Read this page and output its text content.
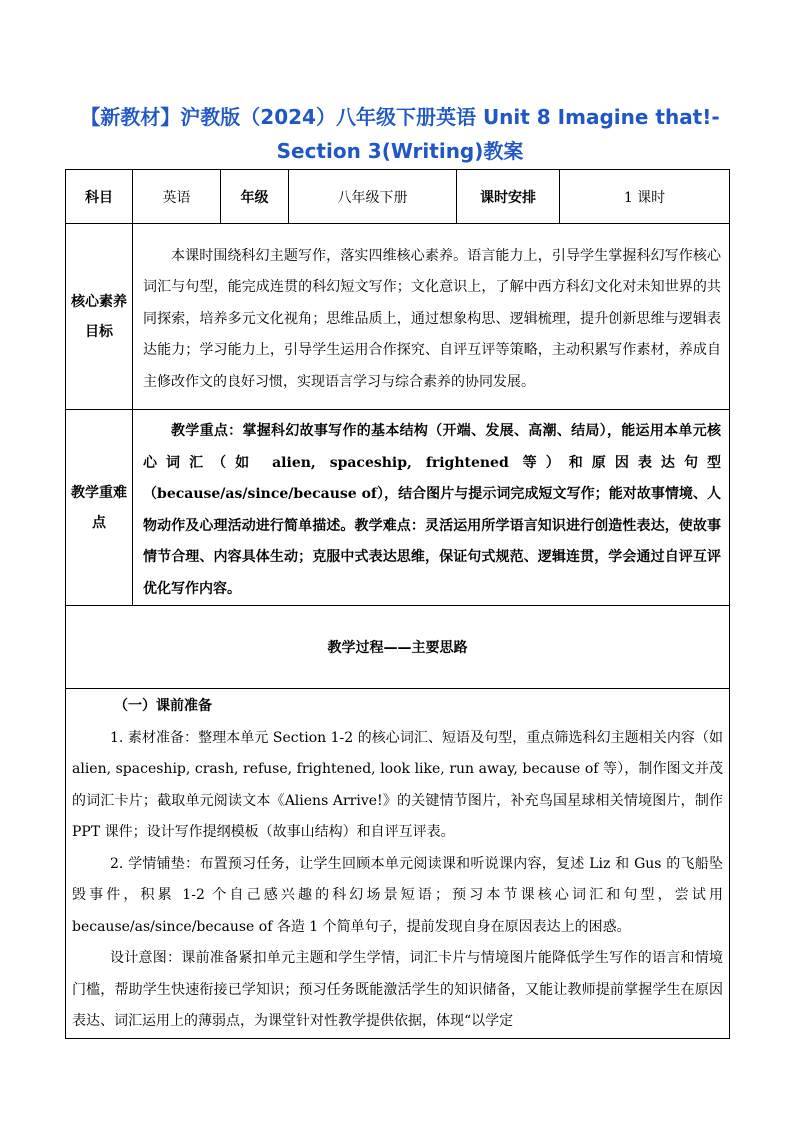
【新教材】沪教版（2024）八年级下册英语 Unit 8 Imagine that!-Section 3(Writing)教案
科目	英语	年级	八年级下册	课时安排	1 课时
核心素养目标	本课时围绕科幻主题写作，落实四维核心素养。语言能力上，引导学生掌握科幻写作核心词汇与句型，能完成连贯的科幻短文写作；文化意识上，了解中西方科幻文化对未知世界的共同探索，培养多元文化视角；思维品质上，通过想象构思、逻辑梳理，提升创新思维与逻辑表达能力；学习能力上，引导学生运用合作探究、自评互评等策略，主动积累写作素材，养成自主修改作文的良好习惯，实现语言学习与综合素养的协同发展。				

教学重难点	教学重点：掌握科幻故事写作的基本结构（开端、发展、高潮、结局），能运用本单元核心词汇（如 alien, spaceship, frightened 等）和原因表达句型（because/as/since/because of），结合图片与提示词完成短文写作；能对故事情境、人物动作及心理活动进行简单描述。教学难点：灵活运用所学语言知识进行创造性表达，使故事情节合理、内容具体生动；克服中式表达思维，保证句式规范、逻辑连贯，学会通过自评互评优化写作内容。				

教学过程——主要思路					

（一）课前准备

1. 素材准备：整理本单元 Section 1-2 的核心词汇、短语及句型，重点筛选科幻主题相关内容（如 alien, spaceship, crash, refuse, frightened, look like, run away, because of 等），制作图文并茂的词汇卡片；截取单元阅读文本《Aliens Arrive!》的关键情节图片，补充鸟国星球相关情境图片，制作 PPT 课件；设计写作提纲模板（故事山结构）和自评互评表。

2. 学情铺垫：布置预习任务，让学生回顾本单元阅读课和听说课内容，复述 Liz 和 Gus 的飞船坠毁事件，积累 1-2 个自己感兴趣的科幻场景短语；预习本节课核心词汇和句型，尝试用 because/as/since/because of 各造 1 个简单句子，提前发现自身在原因表达上的困惑。

设计意图：课前准备紧扣单元主题和学生学情，词汇卡片与情境图片能降低学生写作的语言和情境门槛，帮助学生快速衔接已学知识；预习任务既能激活学生的知识储备，又能让教师提前掌握学生在原因表达、词汇运用上的薄弱点，为课堂针对性教学提供依据，体现“以学定					
